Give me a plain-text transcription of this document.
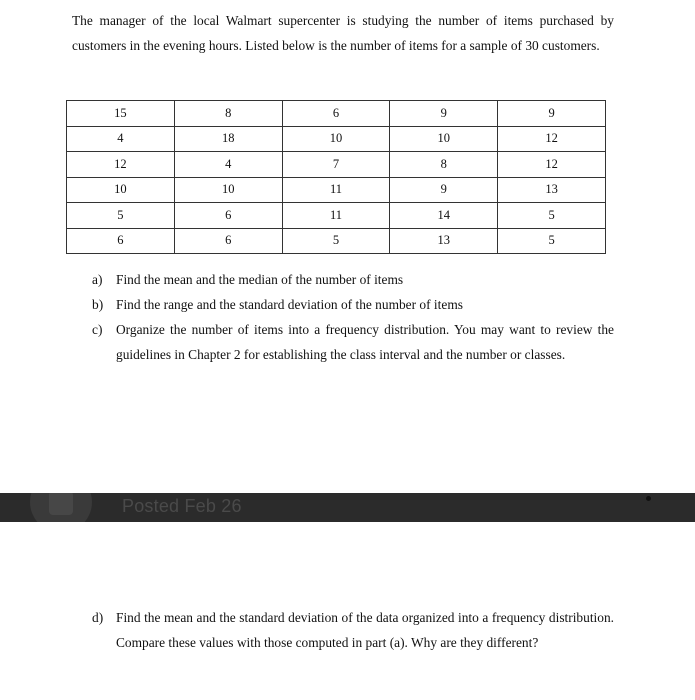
The manager of the local Walmart supercenter is studying the number of items purchased by customers in the evening hours. Listed below is the number of items for a sample of 30 customers.

15	8	6	9	9
4	18	10	10	12
12	4	7	8	12
10	10	11	9	13
5	6	11	14	5
6	6	5	13	5
a)	Find the mean and the median of the number of items
b) Find the range and the standard deviation of the number of items
c)	Organize the number of items into a frequency distribution. You may want to review the guidelines in Chapter 2 for establishing the class interval and the number or classes.
Posted Feb 26
d) Find the mean and the standard deviation of the data organized into a frequency distribution. Compare these values with those computed in part (a). Why are they different?
